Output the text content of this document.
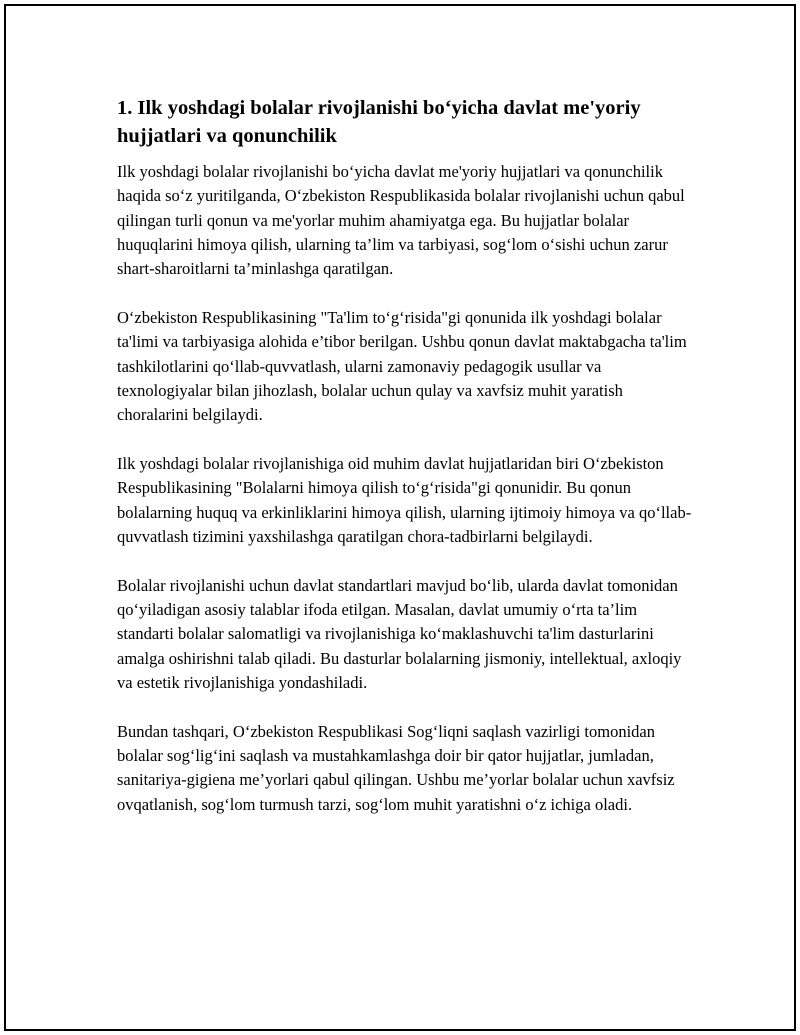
1. Ilk yoshdagi bolalar rivojlanishi bo‘yicha davlat me'yoriy hujjatlari va qonunchilik

Ilk yoshdagi bolalar rivojlanishi bo‘yicha davlat me'yoriy hujjatlari va qonunchilik haqida so‘z yuritilganda, O‘zbekiston Respublikasida bolalar rivojlanishi uchun qabul qilingan turli qonun va me'yorlar muhim ahamiyatga ega. Bu hujjatlar bolalar huquqlarini himoya qilish, ularning ta’lim va tarbiyasi, sog‘lom o‘sishi uchun zarur shart-sharoitlarni ta’minlashga qaratilgan.

O‘zbekiston Respublikasining "Ta'lim to‘g‘risida"gi qonunida ilk yoshdagi bolalar ta'limi va tarbiyasiga alohida e’tibor berilgan. Ushbu qonun davlat maktabgacha ta'lim tashkilotlarini qo‘llab-quvvatlash, ularni zamonaviy pedagogik usullar va texnologiyalar bilan jihozlash, bolalar uchun qulay va xavfsiz muhit yaratish choralarini belgilaydi.

Ilk yoshdagi bolalar rivojlanishiga oid muhim davlat hujjatlaridan biri O‘zbekiston Respublikasining "Bolalarni himoya qilish to‘g‘risida"gi qonunidir. Bu qonun bolalarning huquq va erkinliklarini himoya qilish, ularning ijtimoiy himoya va qo‘llab-quvvatlash tizimini yaxshilashga qaratilgan chora-tadbirlarni belgilaydi.

Bolalar rivojlanishi uchun davlat standartlari mavjud bo‘lib, ularda davlat tomonidan qo‘yiladigan asosiy talablar ifoda etilgan. Masalan, davlat umumiy o‘rta ta’lim standarti bolalar salomatligi va rivojlanishiga ko‘maklashuvchi ta'lim dasturlarini amalga oshirishni talab qiladi. Bu dasturlar bolalarning jismoniy, intellektual, axloqiy va estetik rivojlanishiga yondashiladi.

Bundan tashqari, O‘zbekiston Respublikasi Sog‘liqni saqlash vazirligi tomonidan bolalar sog‘lig‘ini saqlash va mustahkamlashga doir bir qator hujjatlar, jumladan, sanitariya-gigiena me’yorlari qabul qilingan. Ushbu me’yorlar bolalar uchun xavfsiz ovqatlanish, sog‘lom turmush tarzi, sog‘lom muhit yaratishni o‘z ichiga oladi.
